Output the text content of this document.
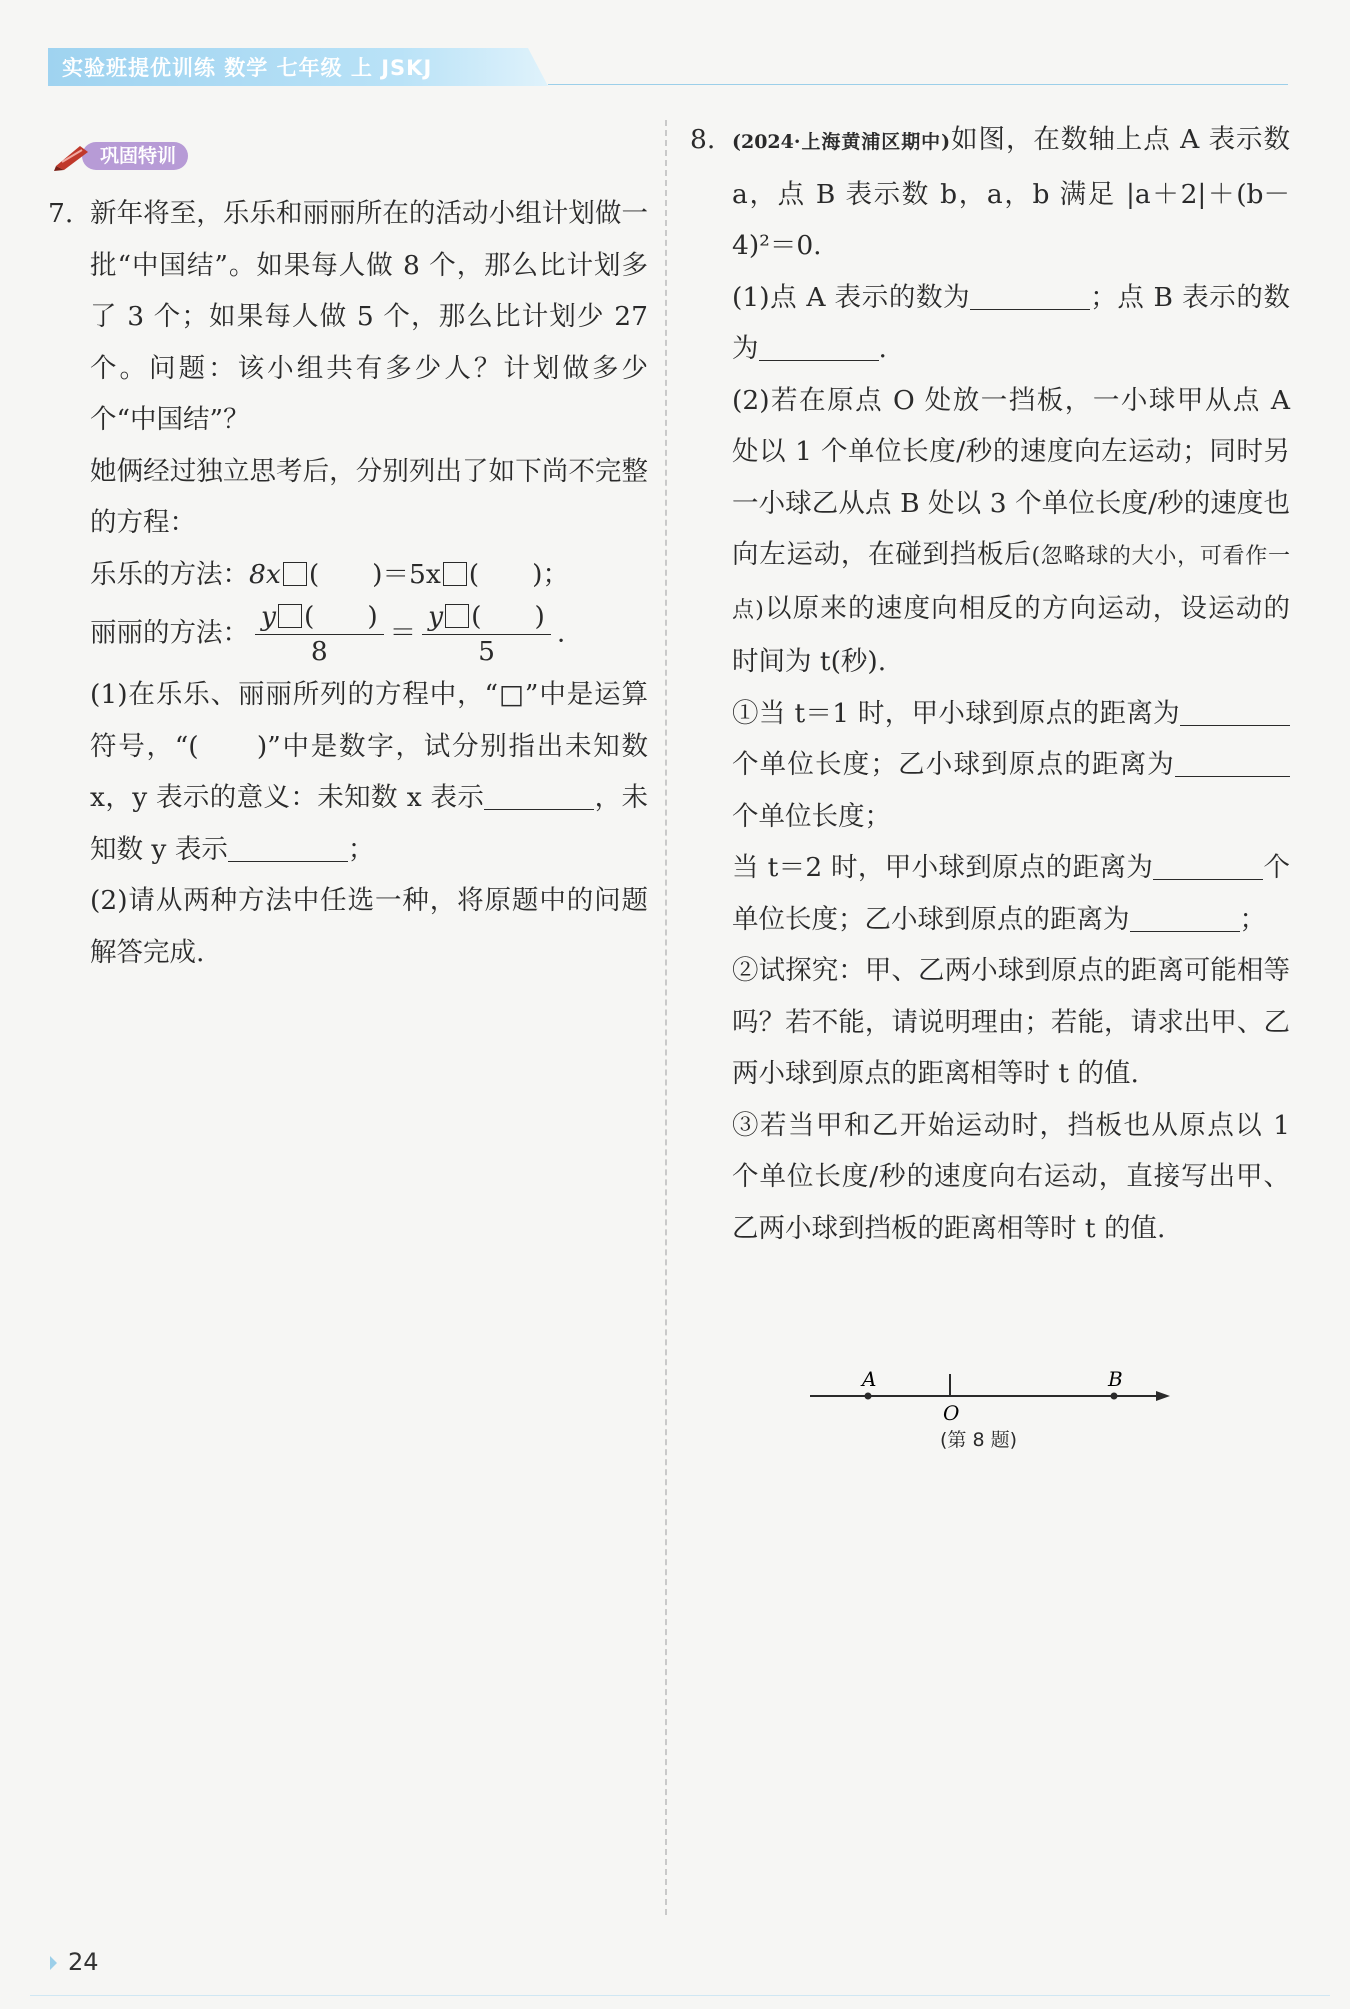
实验班提优训练 数学 七年级 上 JSKJ
巩固特训
7. 新年将至，乐乐和丽丽所在的活动小组计划做一批“中国结”。如果每人做 8 个，那么比计划多了 3 个；如果每人做 5 个，那么比计划少 27 个。问题：该小组共有多少人？计划做多少个“中国结”？

她俩经过独立思考后，分别列出了如下尚不完整的方程：

乐乐的方法：8x (　　)＝5x (　　)；

丽丽的方法： $\frac{y ( )}{8} = \frac{y ( )}{5}$ .

(1)在乐乐、丽丽所列的方程中，“□”中是运算符号，“(　　)”中是数字，试分别指出未知数 x，y 表示的意义：未知数 x 表示	，未知数 y 表示	；

(2)请从两种方法中任选一种，将原题中的问题解答完成.

8. (2024·上海黄浦区期中)如图，在数轴上点 A 表示数 a，点 B 表示数 b，a，b 满足 |a＋2|＋(b－4)²＝0.

(1)点 A 表示的数为	；点 B 表示的数为	.

(2)若在原点 O 处放一挡板，一小球甲从点 A 处以 1 个单位长度/秒的速度向左运动；同时另一小球乙从点 B 处以 3 个单位长度/秒的速度也向左运动，在碰到挡板后(忽略球的大小，可看作一点)以原来的速度向相反的方向运动，设运动的时间为 t(秒).

①当 t＝1 时，甲小球到原点的距离为个单位长度；乙小球到原点的距离为个单位长度；

当 t＝2 时，甲小球到原点的距离为	个单位长度；乙小球到原点的距离为	；

②试探究：甲、乙两小球到原点的距离可能相等吗？若不能，请说明理由；若能，请求出甲、乙两小球到原点的距离相等时 t 的值.

③若当甲和乙开始运动时，挡板也从原点以 1 个单位长度/秒的速度向右运动，直接写出甲、乙两小球到挡板的距离相等时 t 的值.

A
O
B
(第 8 题)
24
